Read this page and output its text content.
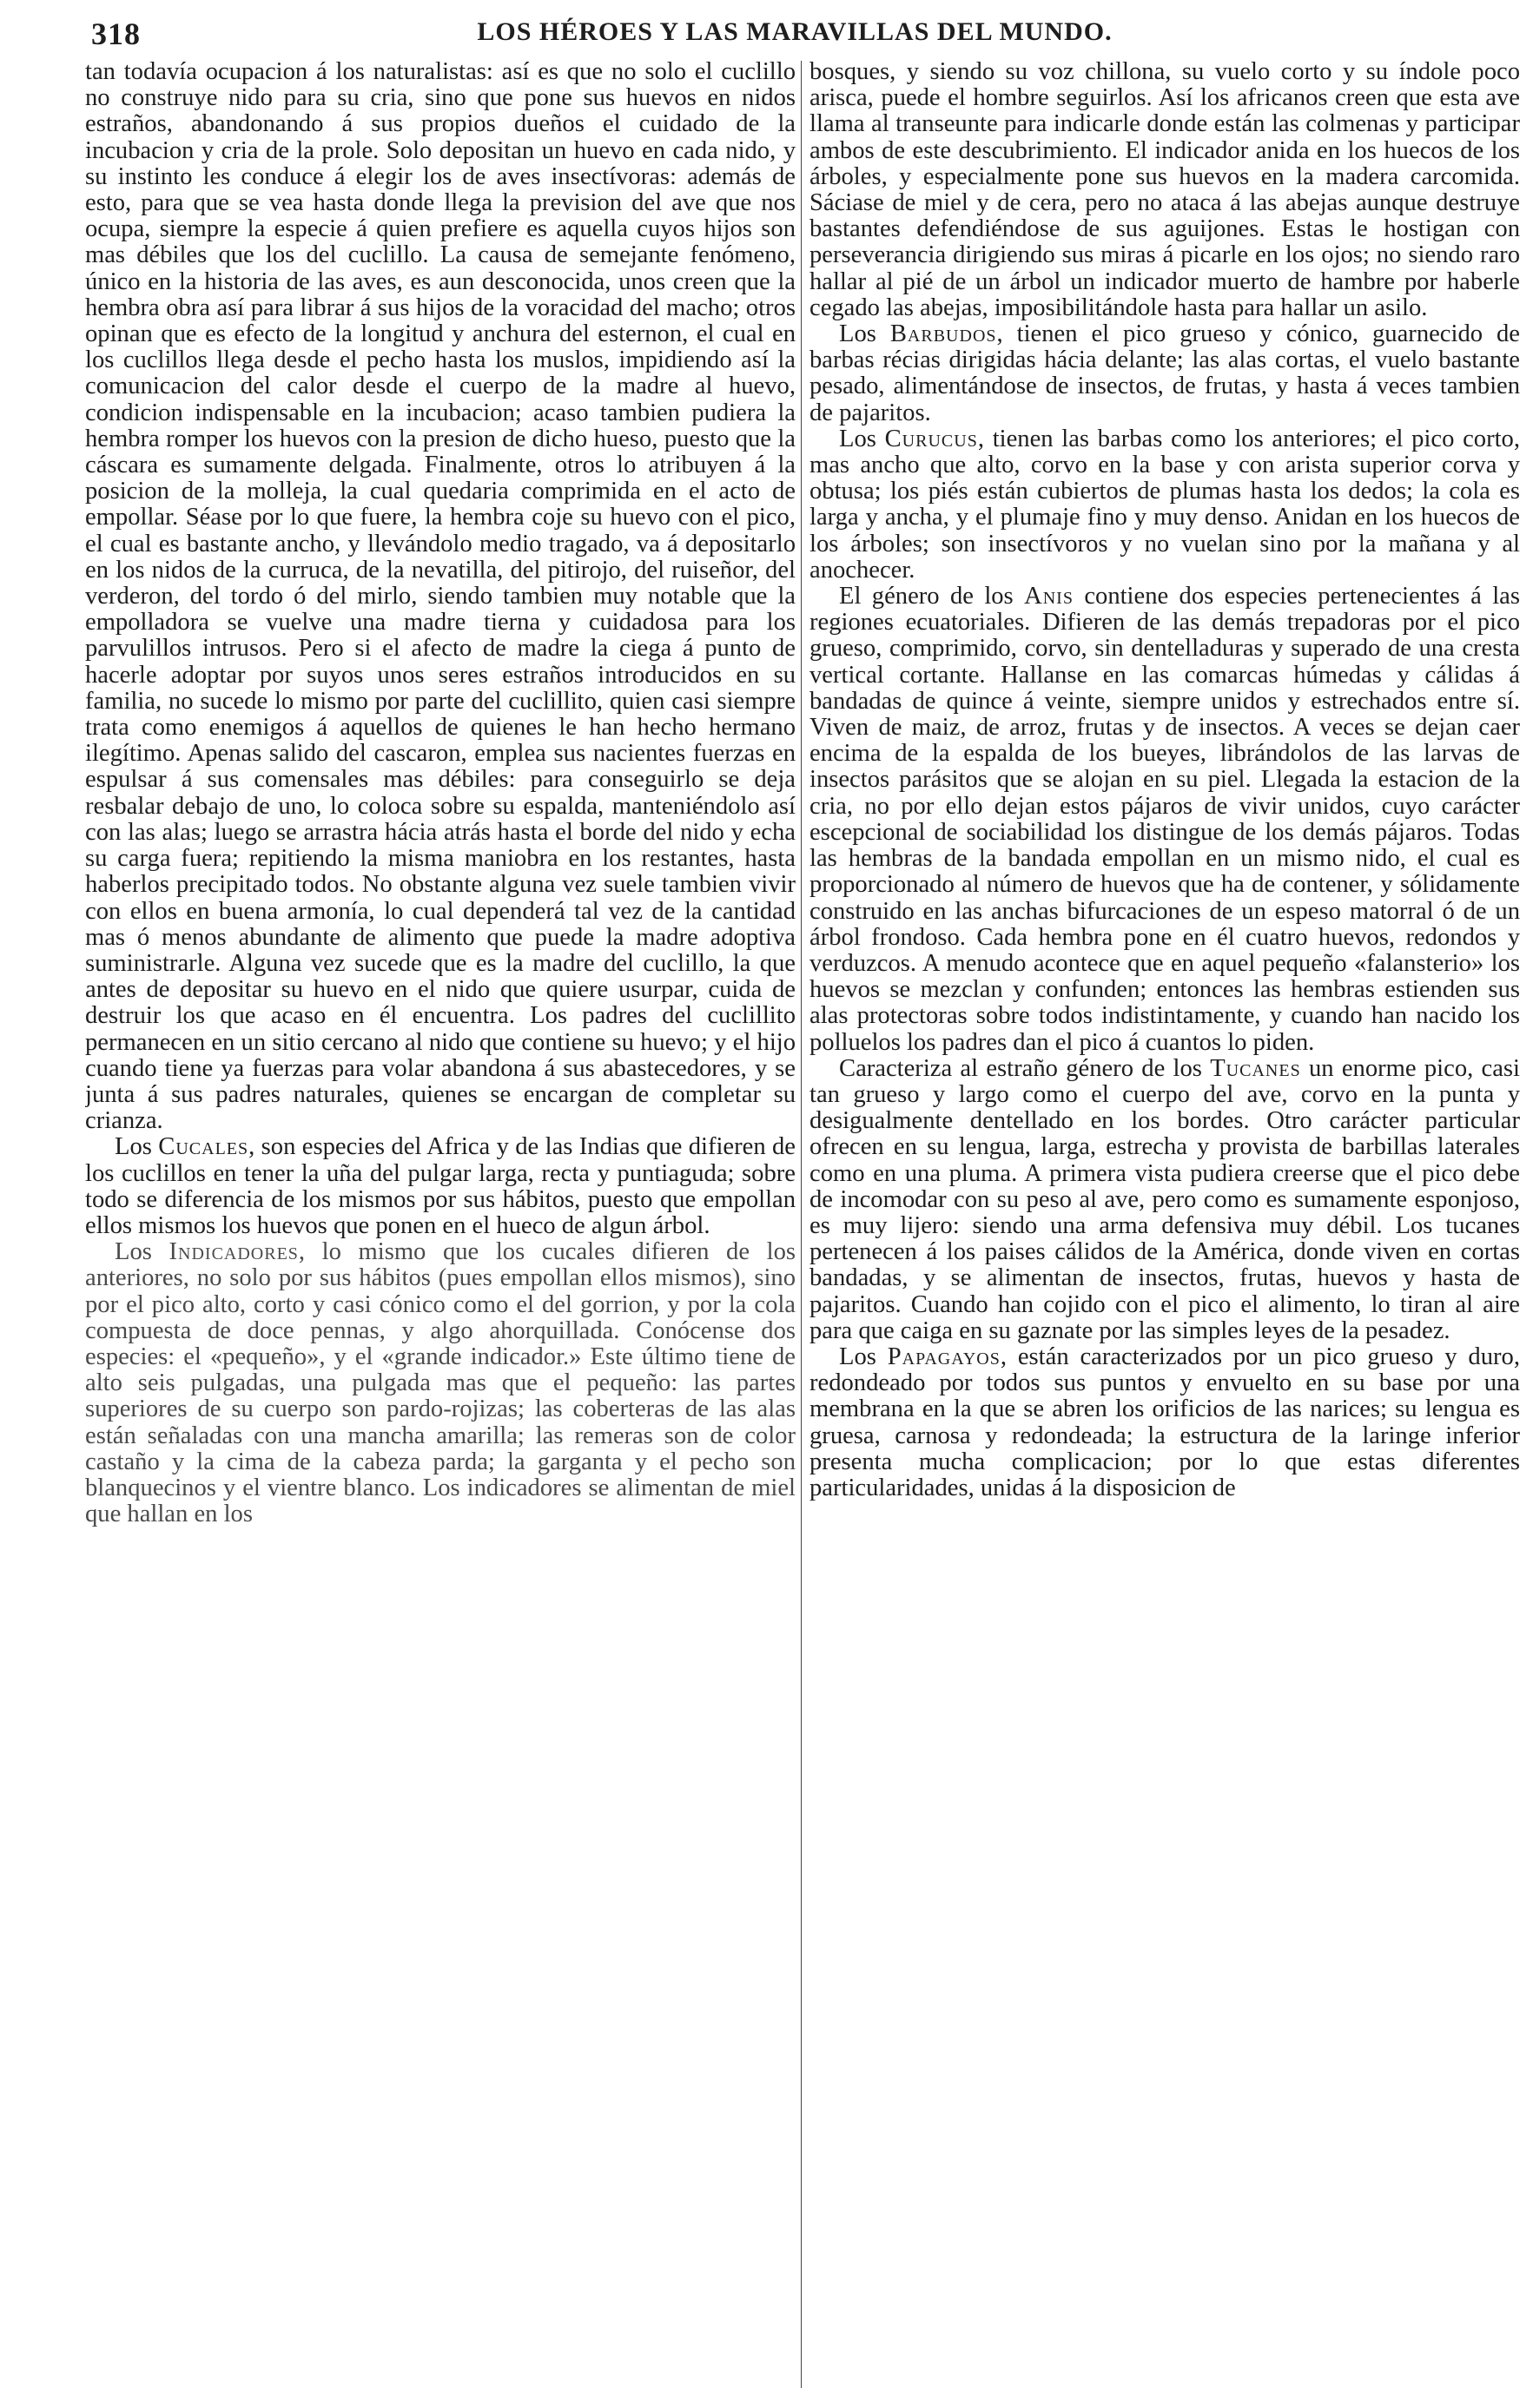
318	LOS HÉROES Y LAS MARAVILLAS DEL MUNDO.

tan todavía ocupacion á los naturalistas: así es que no solo el cuclillo no construye nido para su cria, sino que pone sus huevos en nidos estraños, abandonando á sus propios dueños el cuidado de la incubacion y cria de la prole. Solo depositan un huevo en cada nido, y su instinto les conduce á elegir los de aves insectívoras: además de esto, para que se vea hasta donde llega la prevision del ave que nos ocupa, siempre la especie á quien prefiere es aquella cuyos hijos son mas débiles que los del cuclillo. La causa de semejante fenómeno, único en la historia de las aves, es aun desconocida, unos creen que la hembra obra así para librar á sus hijos de la voracidad del macho; otros opinan que es efecto de la longitud y anchura del esternon, el cual en los cuclillos llega desde el pecho hasta los muslos, impidiendo así la comunicacion del calor desde el cuerpo de la madre al huevo, condicion indispensable en la incubacion; acaso tambien pudiera la hembra romper los huevos con la presion de dicho hueso, puesto que la cáscara es sumamente delgada. Finalmente, otros lo atribuyen á la posicion de la molleja, la cual quedaria comprimida en el acto de empollar. Séase por lo que fuere, la hembra coje su huevo con el pico, el cual es bastante ancho, y llevándolo medio tragado, va á depositarlo en los nidos de la curruca, de la nevatilla, del pitirojo, del ruiseñor, del verderon, del tordo ó del mirlo, siendo tambien muy notable que la empolladora se vuelve una madre tierna y cuidadosa para los parvulillos intrusos. Pero si el afecto de madre la ciega á punto de hacerle adoptar por suyos unos seres estraños introducidos en su familia, no sucede lo mismo por parte del cuclillito, quien casi siempre trata como enemigos á aquellos de quienes le han hecho hermano ilegítimo. Apenas salido del cascaron, emplea sus nacientes fuerzas en espulsar á sus comensales mas débiles: para conseguirlo se deja resbalar debajo de uno, lo coloca sobre su espalda, manteniéndolo así con las alas; luego se arrastra hácia atrás hasta el borde del nido y echa su carga fuera; repitiendo la misma maniobra en los restantes, hasta haberlos precipitado todos. No obstante alguna vez suele tambien vivir con ellos en buena armonía, lo cual dependerá tal vez de la cantidad mas ó menos abundante de alimento que puede la madre adoptiva suministrarle. Alguna vez sucede que es la madre del cuclillo, la que antes de depositar su huevo en el nido que quiere usurpar, cuida de destruir los que acaso en él encuentra. Los padres del cuclillito permanecen en un sitio cercano al nido que contiene su huevo; y el hijo cuando tiene ya fuerzas para volar abandona á sus abastecedores, y se junta á sus padres naturales, quienes se encargan de completar su crianza.

Los Cucales, son especies del Africa y de las Indias que difieren de los cuclillos en tener la uña del pulgar larga, recta y puntiaguda; sobre todo se diferencia de los mismos por sus hábitos, puesto que empollan ellos mismos los huevos que ponen en el hueco de algun árbol.

Los Indicadores, lo mismo que los cucales difieren de los anteriores, no solo por sus hábitos (pues empollan ellos mismos), sino por el pico alto, corto y casi cónico como el del gorrion, y por la cola compuesta de doce pennas, y algo ahorquillada. Conócense dos especies: el «pequeño», y el «grande indicador.» Este último tiene de alto seis pulgadas, una pulgada mas que el pequeño: las partes superiores de su cuerpo son pardo-rojizas; las coberteras de las alas están señaladas con una mancha amarilla; las remeras son de color castaño y la cima de la cabeza parda; la garganta y el pecho son blanquecinos y el vientre blanco. Los indicadores se alimentan de miel que hallan en los

bosques, y siendo su voz chillona, su vuelo corto y su índole poco arisca, puede el hombre seguirlos. Así los africanos creen que esta ave llama al transeunte para indicarle donde están las colmenas y participar ambos de este descubrimiento. El indicador anida en los huecos de los árboles, y especialmente pone sus huevos en la madera carcomida. Sáciase de miel y de cera, pero no ataca á las abejas aunque destruye bastantes defendiéndose de sus aguijones. Estas le hostigan con perseverancia dirigiendo sus miras á picarle en los ojos; no siendo raro hallar al pié de un árbol un indicador muerto de hambre por haberle cegado las abejas, imposibilitándole hasta para hallar un asilo.

Los Barbudos, tienen el pico grueso y cónico, guarnecido de barbas récias dirigidas hácia delante; las alas cortas, el vuelo bastante pesado, alimentándose de insectos, de frutas, y hasta á veces tambien de pajaritos.

Los Curucus, tienen las barbas como los anteriores; el pico corto, mas ancho que alto, corvo en la base y con arista superior corva y obtusa; los piés están cubiertos de plumas hasta los dedos; la cola es larga y ancha, y el plumaje fino y muy denso. Anidan en los huecos de los árboles; son insectívoros y no vuelan sino por la mañana y al anochecer.

El género de los Anis contiene dos especies pertenecientes á las regiones ecuatoriales. Difieren de las demás trepadoras por el pico grueso, comprimido, corvo, sin dentelladuras y superado de una cresta vertical cortante. Hallanse en las comarcas húmedas y cálidas á bandadas de quince á veinte, siempre unidos y estrechados entre sí. Viven de maiz, de arroz, frutas y de insectos. A veces se dejan caer encima de la espalda de los bueyes, librándolos de las larvas de insectos parásitos que se alojan en su piel. Llegada la estacion de la cria, no por ello dejan estos pájaros de vivir unidos, cuyo carácter escepcional de sociabilidad los distingue de los demás pájaros. Todas las hembras de la bandada empollan en un mismo nido, el cual es proporcionado al número de huevos que ha de contener, y sólidamente construido en las anchas bifurcaciones de un espeso matorral ó de un árbol frondoso. Cada hembra pone en él cuatro huevos, redondos y verduzcos. A menudo acontece que en aquel pequeño «falansterio» los huevos se mezclan y confunden; entonces las hembras estienden sus alas protectoras sobre todos indistintamente, y cuando han nacido los polluelos los padres dan el pico á cuantos lo piden.

Caracteriza al estraño género de los Tucanes un enorme pico, casi tan grueso y largo como el cuerpo del ave, corvo en la punta y desigualmente dentellado en los bordes. Otro carácter particular ofrecen en su lengua, larga, estrecha y provista de barbillas laterales como en una pluma. A primera vista pudiera creerse que el pico debe de incomodar con su peso al ave, pero como es sumamente esponjoso, es muy lijero: siendo una arma defensiva muy débil. Los tucanes pertenecen á los paises cálidos de la América, donde viven en cortas bandadas, y se alimentan de insectos, frutas, huevos y hasta de pajaritos. Cuando han cojido con el pico el alimento, lo tiran al aire para que caiga en su gaznate por las simples leyes de la pesadez.

Los Papagayos, están caracterizados por un pico grueso y duro, redondeado por todos sus puntos y envuelto en su base por una membrana en la que se abren los orificios de las narices; su lengua es gruesa, carnosa y redondeada; la estructura de la laringe inferior presenta mucha complicacion; por lo que estas diferentes particularidades, unidas á la disposicion de
